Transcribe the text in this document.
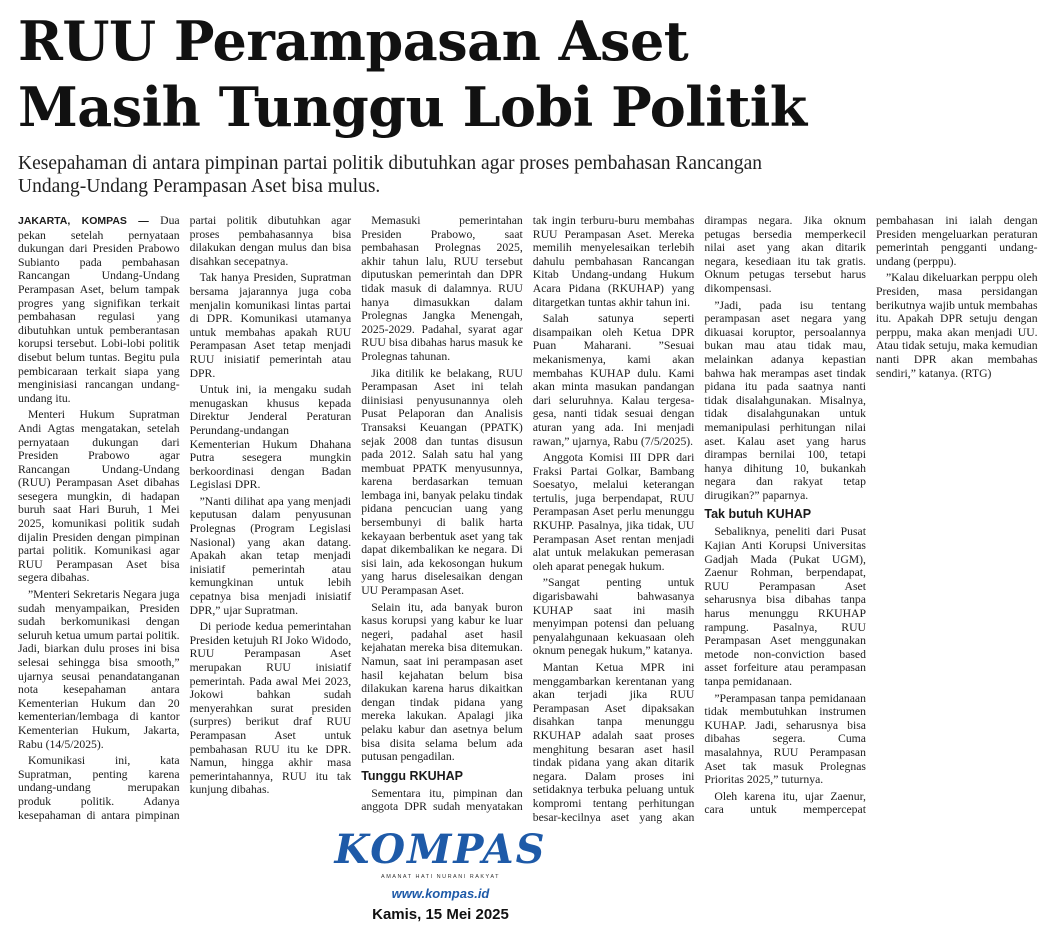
RUU Perampasan Aset
Masih Tunggu Lobi Politik

Kesepahaman di antara pimpinan partai politik dibutuhkan agar proses pembahasan Rancangan Undang-Undang Perampasan Aset bisa mulus.

JAKARTA, KOMPAS — Dua pekan setelah pernyataan dukungan dari Presiden Prabowo Subianto pada pembahasan Rancangan Undang-Undang Perampasan Aset, belum tampak progres yang signifikan terkait pembahasan regulasi yang dibutuhkan untuk pemberantasan korupsi tersebut. Lobi-lobi politik disebut belum tuntas. Begitu pula pembicaraan terkait siapa yang menginisiasi rancangan undang-undang itu.

Menteri Hukum Supratman Andi Agtas mengatakan, setelah pernyataan dukungan dari Presiden Prabowo agar Rancangan Undang-Undang (RUU) Perampasan Aset dibahas sesegera mungkin, di hadapan buruh saat Hari Buruh, 1 Mei 2025, komunikasi politik sudah dijalin Presiden dengan pimpinan partai politik. Komunikasi agar RUU Perampasan Aset bisa segera dibahas.

”Menteri Sekretaris Negara juga sudah menyampaikan, Presiden sudah berkomunikasi dengan seluruh ketua umum partai politik. Jadi, biarkan dulu proses ini bisa selesai sehingga bisa smooth,” ujarnya seusai penandatanganan nota kesepahaman antara Kementerian Hukum dan 20 kementerian/lembaga di kantor Kementerian Hukum, Jakarta, Rabu (14/5/2025).

Komunikasi ini, kata Supratman, penting karena undang-undang merupakan produk politik. Adanya kesepahaman di antara pimpinan partai politik dibutuhkan agar proses pembahasannya bisa dilakukan dengan mulus dan bisa disahkan secepatnya.

Tak hanya Presiden, Supratman bersama jajarannya juga coba menjalin komunikasi lintas partai di DPR. Komunikasi utamanya untuk membahas apakah RUU Perampasan Aset tetap menjadi RUU inisiatif pemerintah atau DPR.

Untuk ini, ia mengaku sudah menugaskan khusus kepada Direktur Jenderal Peraturan Perundang-undangan Kementerian Hukum Dhahana Putra sesegera mungkin berkoordinasi dengan Badan Legislasi DPR.

”Nanti dilihat apa yang menjadi keputusan dalam penyusunan Prolegnas (Program Legislasi Nasional) yang akan datang. Apakah akan tetap menjadi inisiatif pemerintah atau kemungkinan untuk lebih cepatnya bisa menjadi inisiatif DPR,” ujar Supratman.

Di periode kedua pemerintahan Presiden ketujuh RI Joko Widodo, RUU Perampasan Aset merupakan RUU inisiatif pemerintah. Pada awal Mei 2023, Jokowi bahkan sudah menyerahkan surat presiden (surpres) berikut draf RUU Perampasan Aset untuk pembahasan RUU itu ke DPR. Namun, hingga akhir masa pemerintahannya, RUU itu tak kunjung dibahas.

Memasuki pemerintahan Presiden Prabowo, saat pembahasan Prolegnas 2025, akhir tahun lalu, RUU tersebut diputuskan pemerintah dan DPR tidak masuk di dalamnya. RUU hanya dimasukkan dalam Prolegnas Jangka Menengah, 2025-2029. Padahal, syarat agar RUU bisa dibahas harus masuk ke Prolegnas tahunan.

Jika ditilik ke belakang, RUU Perampasan Aset ini telah diinisiasi penyusunannya oleh Pusat Pelaporan dan Analisis Transaksi Keuangan (PPATK) sejak 2008 dan tuntas disusun pada 2012. Salah satu hal yang membuat PPATK menyusunnya, karena berdasarkan temuan lembaga ini, banyak pelaku tindak pidana pencucian uang yang bersembunyi di balik harta kekayaan berbentuk aset yang tak dapat dikembalikan ke negara. Di sisi lain, ada kekosongan hukum yang harus diselesaikan dengan UU Perampasan Aset.

Selain itu, ada banyak buron kasus korupsi yang kabur ke luar negeri, padahal aset hasil kejahatan mereka bisa ditemukan. Namun, saat ini perampasan aset hasil kejahatan belum bisa dilakukan karena harus dikaitkan dengan tindak pidana yang mereka lakukan. Apalagi jika pelaku kabur dan asetnya belum bisa disita selama belum ada putusan pengadilan.

Tunggu RKUHAP

Sementara itu, pimpinan dan anggota DPR sudah menyatakan tak ingin terburu-buru membahas RUU Perampasan Aset. Mereka memilih menyelesaikan terlebih dahulu pembahasan Rancangan Kitab Undang-undang Hukum Acara Pidana (RKUHAP) yang ditargetkan tuntas akhir tahun ini.

Salah satunya seperti disampaikan oleh Ketua DPR Puan Maharani. ”Sesuai mekanismenya, kami akan membahas KUHAP dulu. Kami akan minta masukan pandangan dari seluruhnya. Kalau tergesa-gesa, nanti tidak sesuai dengan aturan yang ada. Ini menjadi rawan,” ujarnya, Rabu (7/5/2025).

Anggota Komisi III DPR dari Fraksi Partai Golkar, Bambang Soesatyo, melalui keterangan tertulis, juga berpendapat, RUU Perampasan Aset perlu menunggu RKUHP. Pasalnya, jika tidak, UU Perampasan Aset rentan menjadi alat untuk melakukan pemerasan oleh aparat penegak hukum.

”Sangat penting untuk digarisbawahi bahwasanya KUHAP saat ini masih menyimpan potensi dan peluang penyalahgunaan kekuasaan oleh oknum penegak hukum,” katanya.

Mantan Ketua MPR ini menggambarkan kerentanan yang akan terjadi jika RUU Perampasan Aset dipaksakan disahkan tanpa menunggu RKUHAP adalah saat proses menghitung besaran aset hasil tindak pidana yang akan ditarik negara. Dalam proses ini setidaknya terbuka peluang untuk kompromi tentang perhitungan besar-kecilnya aset yang akan dirampas negara. Jika oknum petugas bersedia memperkecil nilai aset yang akan ditarik negara, kesediaan itu tak gratis. Oknum petugas tersebut harus dikompensasi.

”Jadi, pada isu tentang perampasan aset negara yang dikuasai koruptor, persoalannya bukan mau atau tidak mau, melainkan adanya kepastian bahwa hak merampas aset tindak pidana itu pada saatnya nanti tidak disalahgunakan. Misalnya, tidak disalahgunakan untuk memanipulasi perhitungan nilai aset. Kalau aset yang harus dirampas bernilai 100, tetapi hanya dihitung 10, bukankah negara dan rakyat tetap dirugikan?” paparnya.

Tak butuh KUHAP

Sebaliknya, peneliti dari Pusat Kajian Anti Korupsi Universitas Gadjah Mada (Pukat UGM), Zaenur Rohman, berpendapat, RUU Perampasan Aset seharusnya bisa dibahas tanpa harus menunggu RKUHAP rampung. Pasalnya, RUU Perampasan Aset menggunakan metode non-conviction based asset forfeiture atau perampasan tanpa pemidanaan.

”Perampasan tanpa pemidanaan tidak membutuhkan instrumen KUHAP. Jadi, seharusnya bisa dibahas segera. Cuma masalahnya, RUU Perampasan Aset tak masuk Prolegnas Prioritas 2025,” tuturnya.

Oleh karena itu, ujar Zaenur, cara untuk mempercepat pembahasan ini ialah dengan Presiden mengeluarkan peraturan pemerintah pengganti undang-undang (perppu).

”Kalau dikeluarkan perppu oleh Presiden, masa persidangan berikutnya wajib untuk membahas itu. Apakah DPR setuju dengan perppu, maka akan menjadi UU. Atau tidak setuju, maka kemudian nanti DPR akan membahas sendiri,” katanya. (RTG)

KOMPAS
AMANAT HATI NURANI RAKYAT
www.kompas.id
Kamis, 15 Mei 2025
